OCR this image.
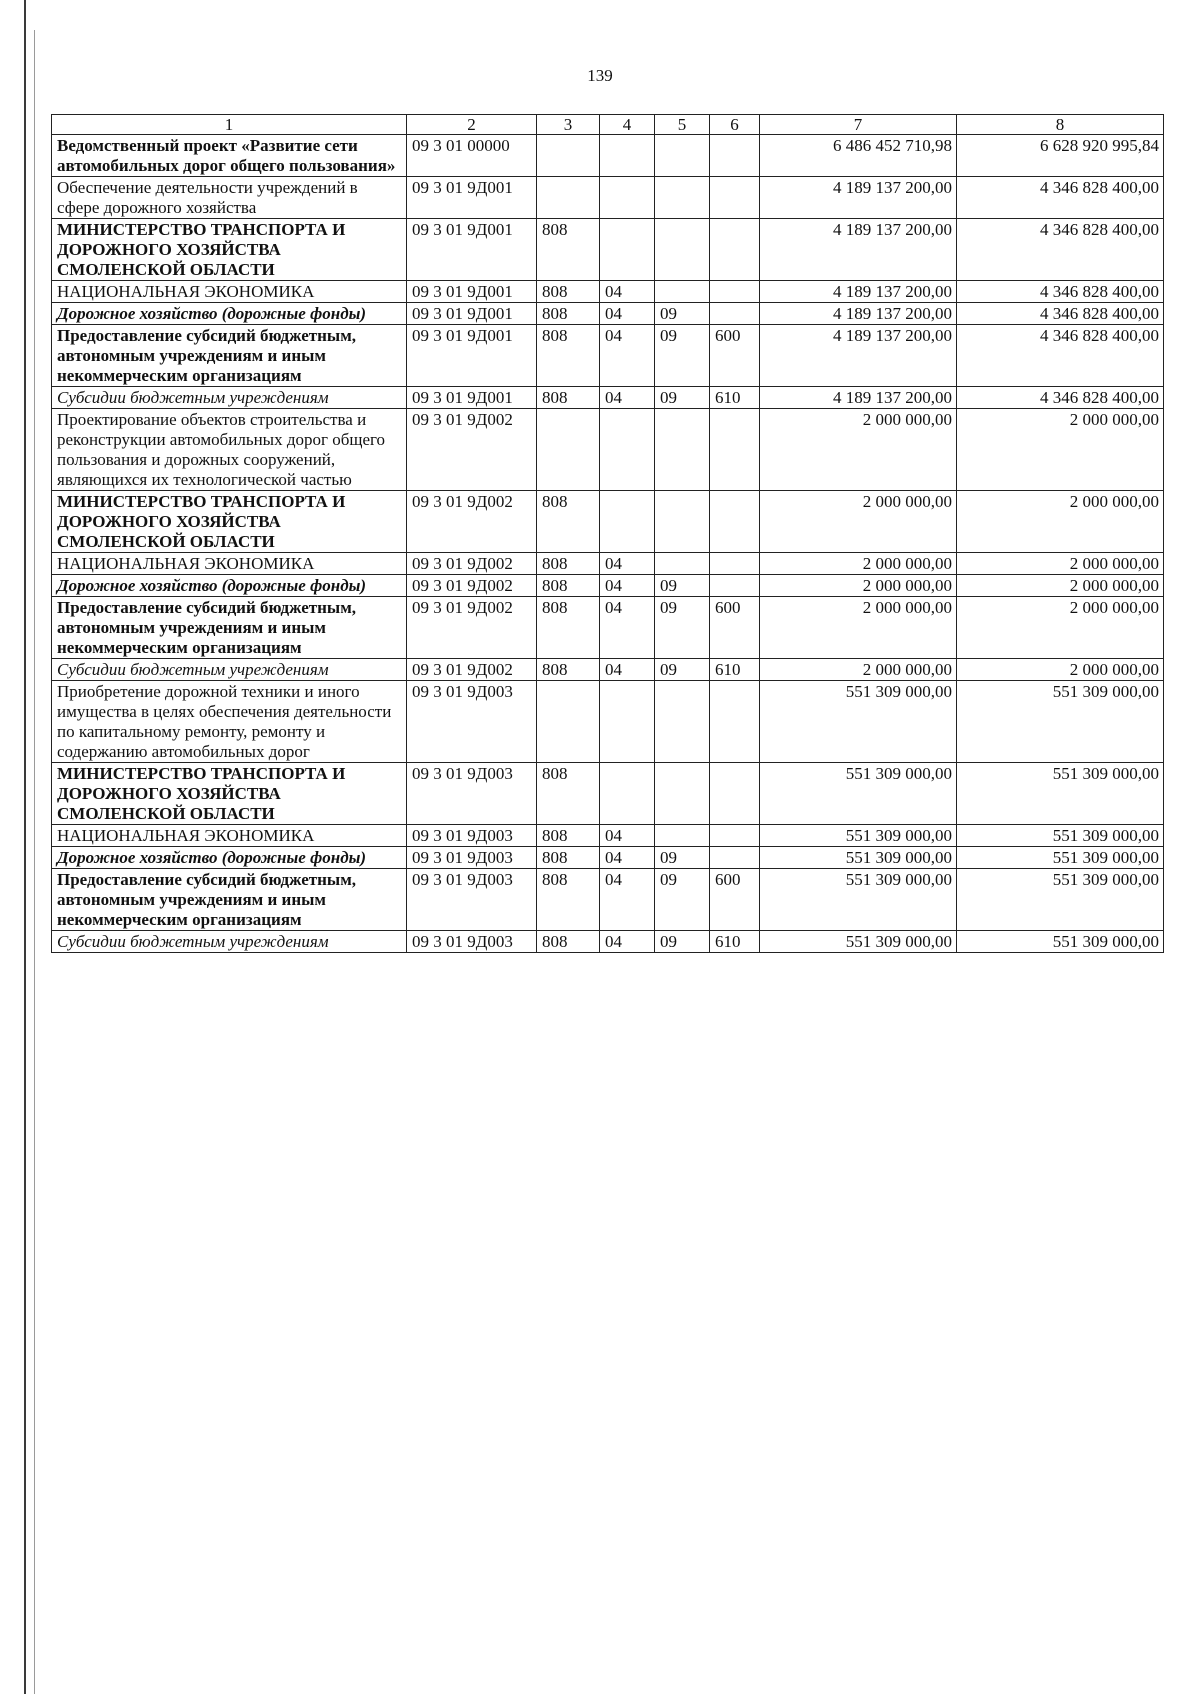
139
1	2	3	4	5	6	7	8
Ведомственный проект «Развитие сети автомобильных дорог общего пользования»	09 3 01 00000					6 486 452 710,98	6 628 920 995,84
Обеспечение деятельности учреждений в сфере дорожного хозяйства	09 3 01 9Д001					4 189 137 200,00	4 346 828 400,00
МИНИСТЕРСТВО ТРАНСПОРТА И ДОРОЖНОГО ХОЗЯЙСТВА СМОЛЕНСКОЙ ОБЛАСТИ	09 3 01 9Д001	808				4 189 137 200,00	4 346 828 400,00
НАЦИОНАЛЬНАЯ ЭКОНОМИКА	09 3 01 9Д001	808	04			4 189 137 200,00	4 346 828 400,00
Дорожное хозяйство (дорожные фонды)	09 3 01 9Д001	808	04	09		4 189 137 200,00	4 346 828 400,00
Предоставление субсидий бюджетным, автономным учреждениям и иным некоммерческим организациям	09 3 01 9Д001	808	04	09	600	4 189 137 200,00	4 346 828 400,00
Субсидии бюджетным учреждениям	09 3 01 9Д001	808	04	09	610	4 189 137 200,00	4 346 828 400,00
Проектирование объектов строительства и реконструкции автомобильных дорог общего пользования и дорожных сооружений, являющихся их технологической частью	09 3 01 9Д002					2 000 000,00	2 000 000,00
МИНИСТЕРСТВО ТРАНСПОРТА И ДОРОЖНОГО ХОЗЯЙСТВА СМОЛЕНСКОЙ ОБЛАСТИ	09 3 01 9Д002	808				2 000 000,00	2 000 000,00
НАЦИОНАЛЬНАЯ ЭКОНОМИКА	09 3 01 9Д002	808	04			2 000 000,00	2 000 000,00
Дорожное хозяйство (дорожные фонды)	09 3 01 9Д002	808	04	09		2 000 000,00	2 000 000,00
Предоставление субсидий бюджетным, автономным учреждениям и иным некоммерческим организациям	09 3 01 9Д002	808	04	09	600	2 000 000,00	2 000 000,00
Субсидии бюджетным учреждениям	09 3 01 9Д002	808	04	09	610	2 000 000,00	2 000 000,00
Приобретение дорожной техники и иного имущества в целях обеспечения деятельности по капитальному ремонту, ремонту и содержанию автомобильных дорог	09 3 01 9Д003					551 309 000,00	551 309 000,00
МИНИСТЕРСТВО ТРАНСПОРТА И ДОРОЖНОГО ХОЗЯЙСТВА СМОЛЕНСКОЙ ОБЛАСТИ	09 3 01 9Д003	808				551 309 000,00	551 309 000,00
НАЦИОНАЛЬНАЯ ЭКОНОМИКА	09 3 01 9Д003	808	04			551 309 000,00	551 309 000,00
Дорожное хозяйство (дорожные фонды)	09 3 01 9Д003	808	04	09		551 309 000,00	551 309 000,00
Предоставление субсидий бюджетным, автономным учреждениям и иным некоммерческим организациям	09 3 01 9Д003	808	04	09	600	551 309 000,00	551 309 000,00
Субсидии бюджетным учреждениям	09 3 01 9Д003	808	04	09	610	551 309 000,00	551 309 000,00
